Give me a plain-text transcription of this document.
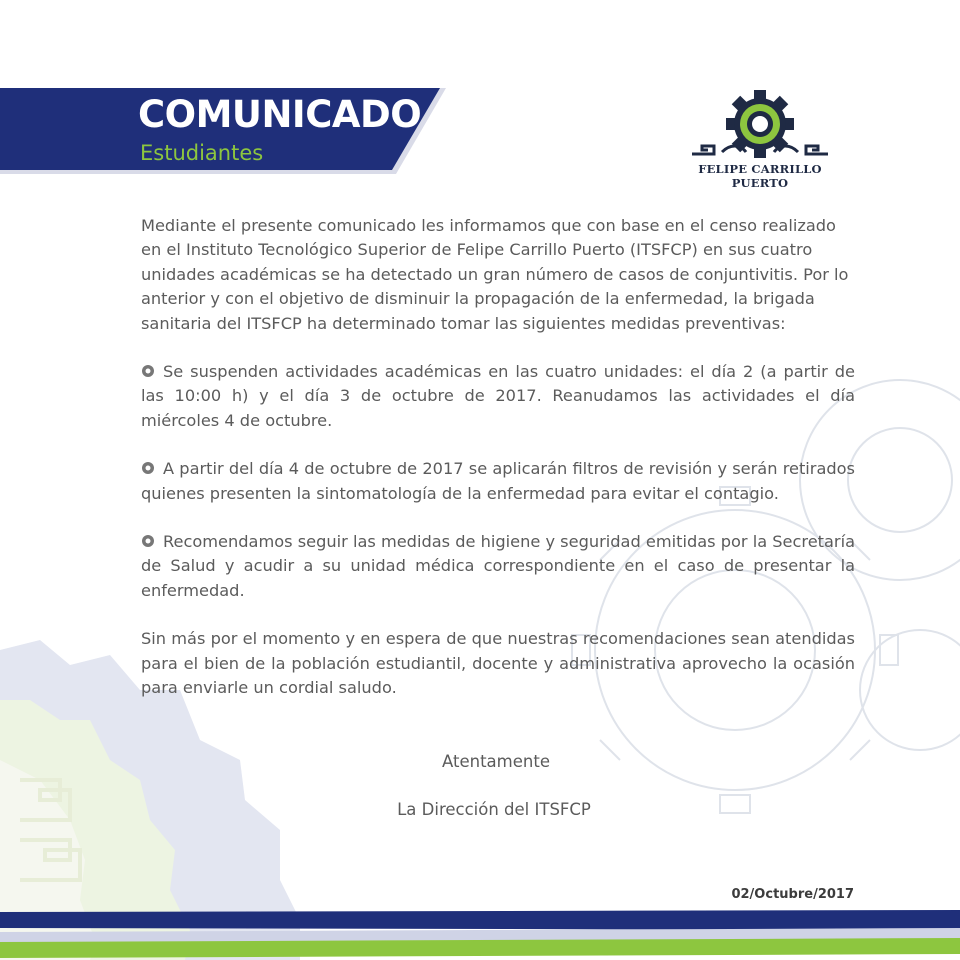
COMUNICADO
Estudiantes
FELIPE CARRILLO PUERTO

Mediante el presente comunicado les informamos que con base en el censo realizado en el Instituto Tecnológico Superior de Felipe Carrillo Puerto (ITSFCP) en sus cuatro unidades académicas se ha detectado un gran número de casos de conjuntivitis. Por lo anterior y con el objetivo de disminuir la propagación de la enfermedad, la brigada sanitaria del ITSFCP ha determinado tomar las siguientes medidas preventivas:

Se suspenden actividades académicas en las cuatro unidades: el día 2 (a partir de las 10:00 h) y el día 3 de octubre de 2017. Reanudamos las actividades el día miércoles 4 de octubre.

A partir del día 4 de octubre de 2017 se aplicarán filtros de revisión y serán retirados quienes presenten la sintomatología de la enfermedad para evitar el contagio.

Recomendamos seguir las medidas de higiene y seguridad emitidas por la Secretaría de Salud y acudir a su unidad médica correspondiente en el caso de presentar la enfermedad.

Sin más por el momento y en espera de que nuestras recomendaciones sean atendidas para el bien de la población estudiantil, docente y administrativa aprovecho la ocasión para enviarle un cordial saludo.

Atentamente
La Dirección del ITSFCP
02/Octubre/2017
